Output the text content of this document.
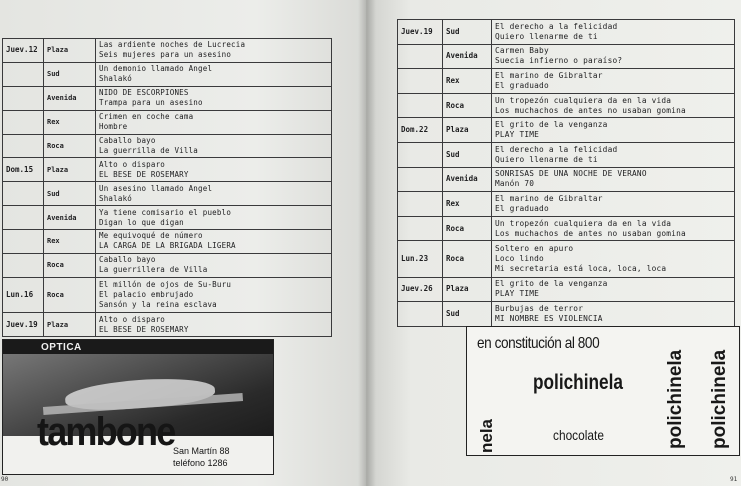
Juev.12	Plaza	Las ardiente noches de Lucrecia
Seis mujeres para un asesino

	Sud	Un demonio llamado Angel
Shalakó

	Avenida	NIDO DE ESCORPIONES
Trampa para un asesino

	Rex	Crimen en coche cama
Hombre

	Roca	Caballo bayo
La guerrilla de Villa

Dom.15	Plaza	Alto o disparo
EL BESE DE ROSEMARY

	Sud	Un asesino llamado Angel
Shalakó

	Avenida	Ya tiene comisario el pueblo
Digan lo que digan

	Rex	Me equivoqué de número
LA CARGA DE LA BRIGADA LIGERA

	Roca	Caballo bayo
La guerrillera de Villa

Lun.16	Roca	El millón de ojos de Su-Buru
El palacio embrujado
Sansón y la reina esclava

Juev.19	Plaza	Alto o disparo
EL BESE DE ROSEMARY
Juev.19	Sud	El derecho a la felicidad
Quiero llenarme de ti

	Avenida	Carmen Baby
Suecia infierno o paraíso?

	Rex	El marino de Gibraltar
El graduado

	Roca	Un tropezón cualquiera da en la vida
Los muchachos de antes no usaban gomina

Dom.22	Plaza	El grito de la venganza
PLAY TIME

	Sud	El derecho a la felicidad
Quiero llenarme de ti

	Avenida	SONRISAS DE UNA NOCHE DE VERANO
Manón 70

	Rex	El marino de Gibraltar
El graduado

	Roca	Un tropezón cualquiera da en la vida
Los muchachos de antes no usaban gomina

Lun.23	Roca	Soltero en apuro
Loco lindo
Mi secretaria está loca, loca, loca

Juev.26	Plaza	El grito de la venganza
PLAY TIME

	Sud	Burbujas de terror
MI NOMBRE ES VIOLENCIA
OPTICA
tambone
San Martín 88
teléfono 1286
en constitución al 800
polichinela
chocolate
nela	polichinela polichinela
90	91
